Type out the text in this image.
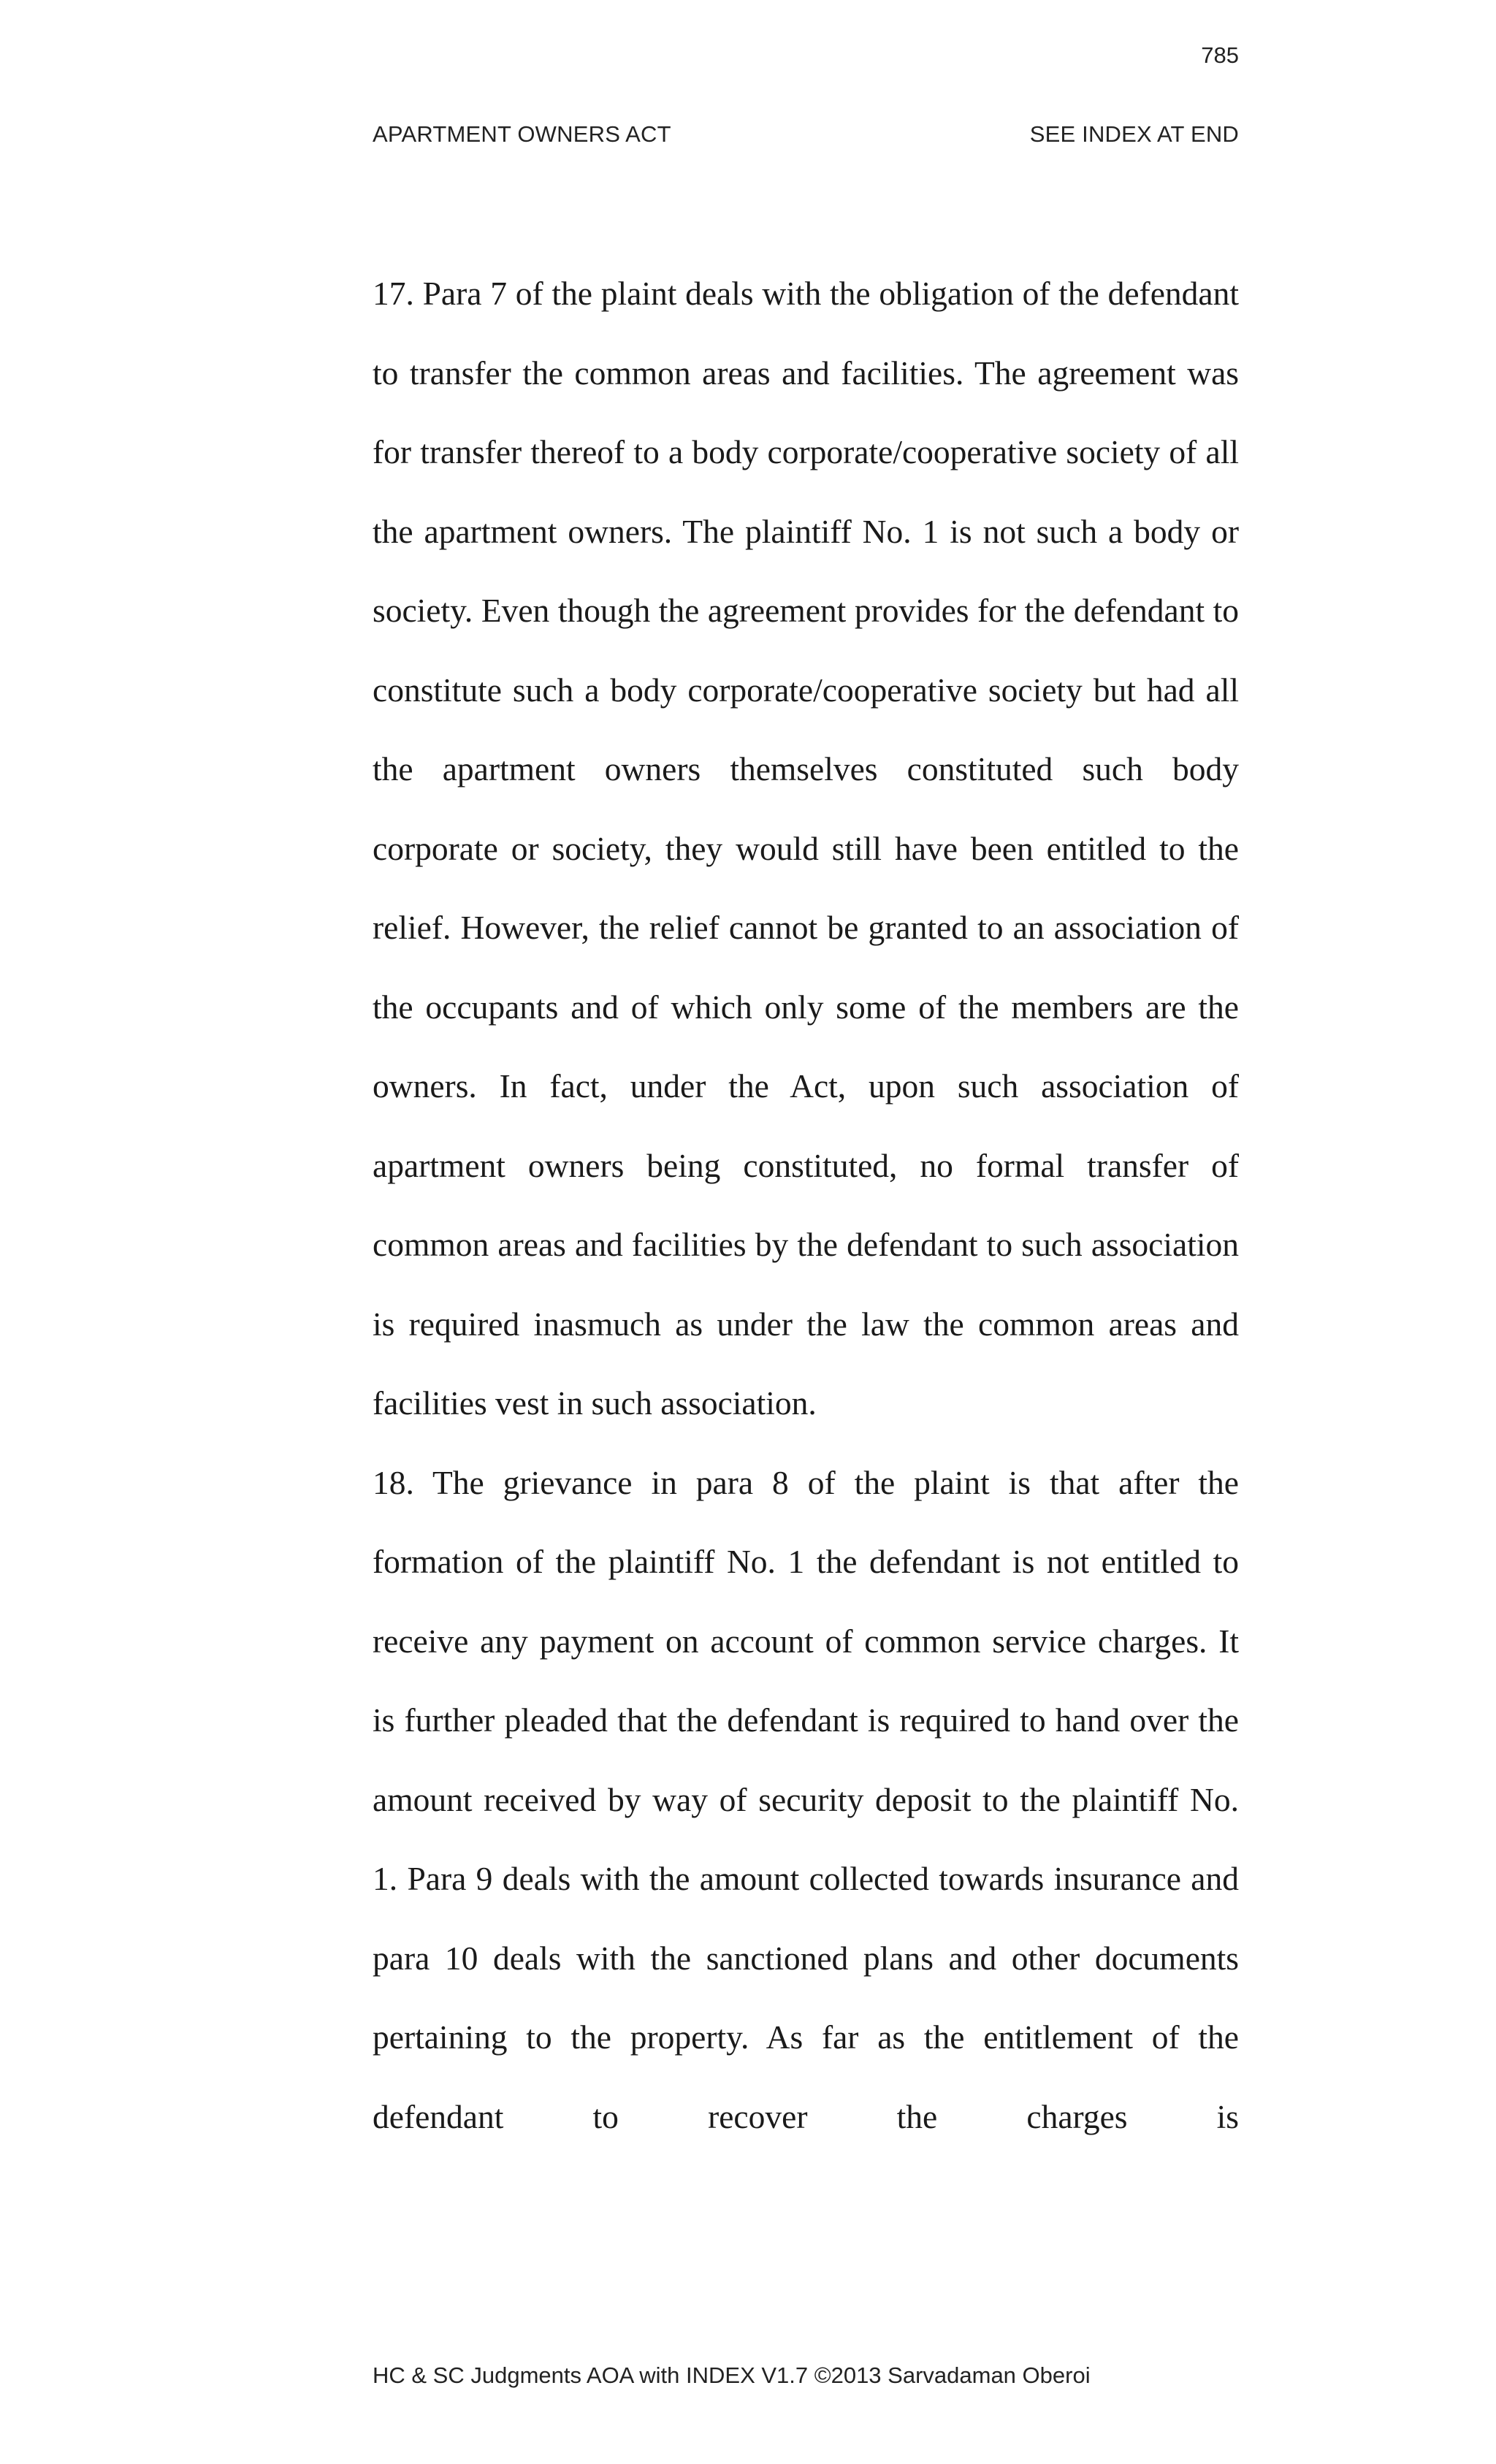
785
APARTMENT OWNERS ACT	SEE INDEX AT END

17. Para 7 of the plaint deals with the obligation of the defendant to transfer the common areas and facilities. The agreement was for transfer thereof to a body corporate/cooperative society of all the apartment owners. The plaintiff No. 1 is not such a body or society. Even though the agreement provides for the defendant to constitute such a body corporate/cooperative society but had all the apartment owners themselves constituted such body corporate or society, they would still have been entitled to the relief. However, the relief cannot be granted to an association of the occupants and of which only some of the members are the owners. In fact, under the Act, upon such association of apartment owners being constituted, no formal transfer of common areas and facilities by the defendant to such association is required inasmuch as under the law the common areas and facilities vest in such association.

18. The grievance in para 8 of the plaint is that after the formation of the plaintiff No. 1 the defendant is not entitled to receive any payment on account of common service charges. It is further pleaded that the defendant is required to hand over the amount received by way of security deposit to the plaintiff No. 1. Para 9 deals with the amount collected towards insurance and para 10 deals with the sanctioned plans and other documents pertaining to the property. As far as the entitlement of the defendant to recover the charges is

HC & SC Judgments AOA with INDEX V1.7 ©2013 Sarvadaman Oberoi
